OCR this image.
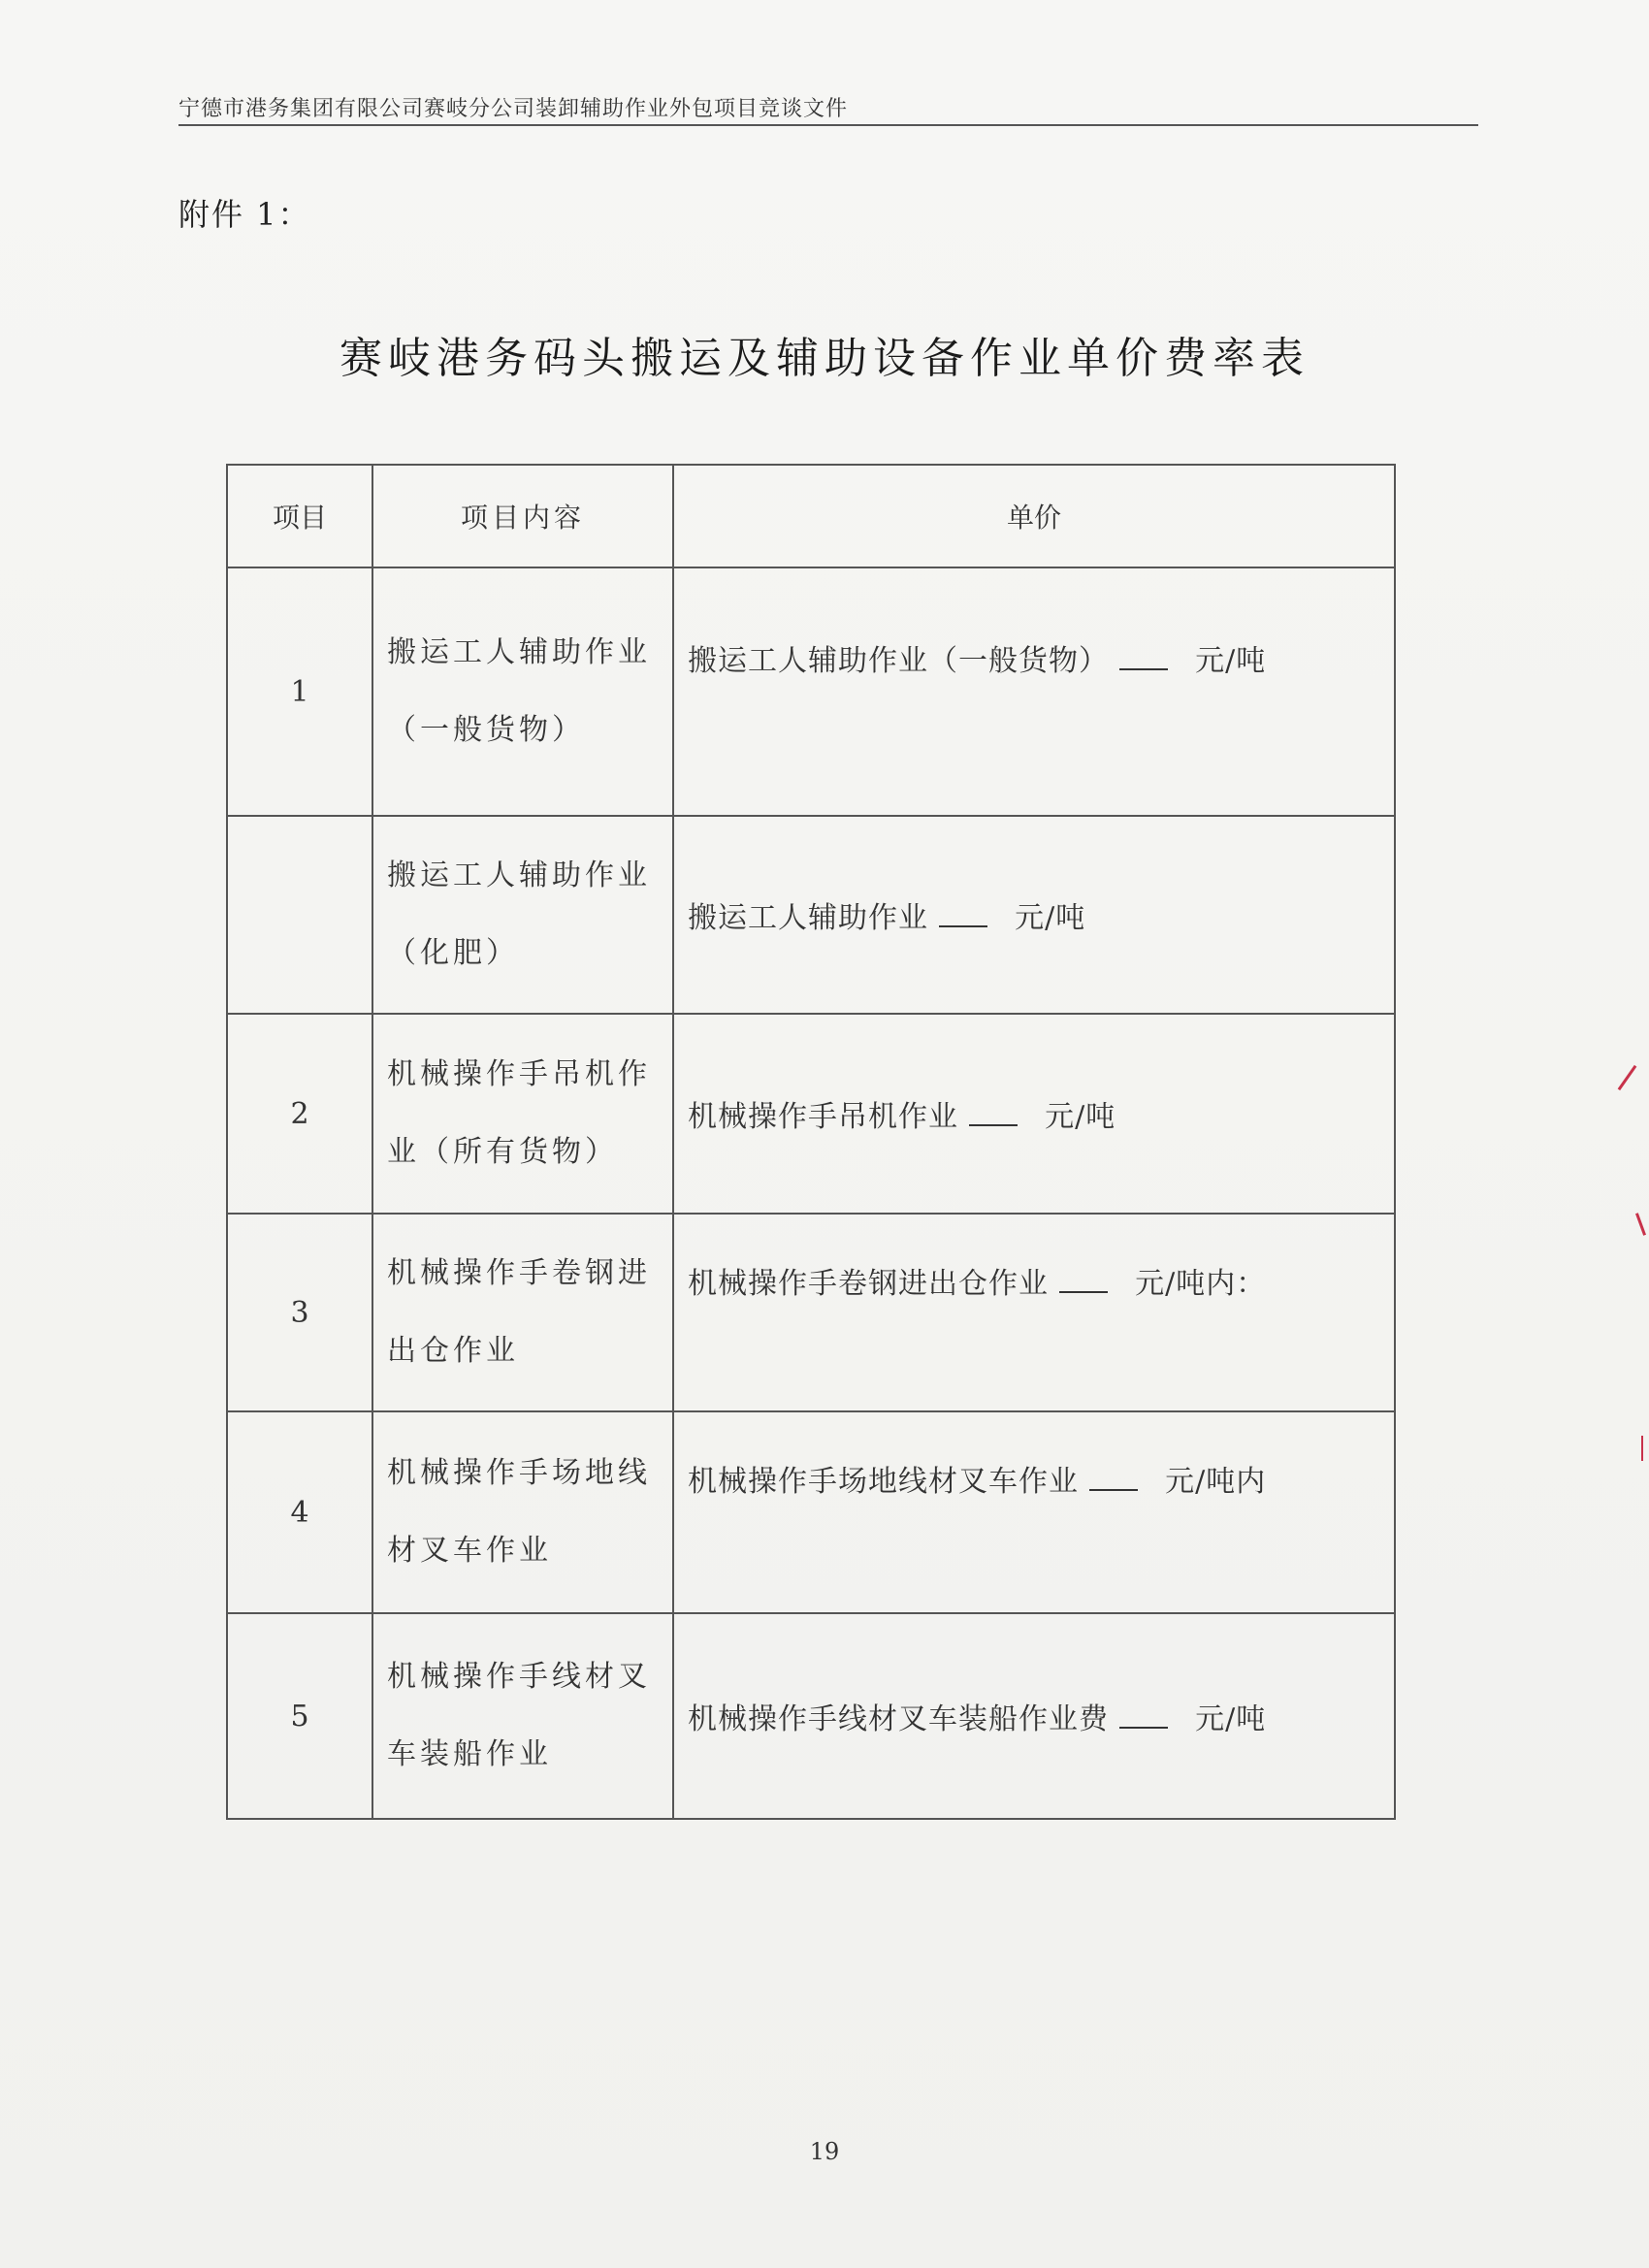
宁德市港务集团有限公司赛岐分公司装卸辅助作业外包项目竞谈文件
附件 1：
赛岐港务码头搬运及辅助设备作业单价费率表
项目	项目内容	单价
1	搬运工人辅助作业（一般货物）	搬运工人辅助作业（一般货物） 元/吨
	搬运工人辅助作业（化肥）	搬运工人辅助作业 元/吨
2	机械操作手吊机作业（所有货物）	机械操作手吊机作业 元/吨
3	机械操作手卷钢进出仓作业	机械操作手卷钢进出仓作业 元/吨内：
4	机械操作手场地线材叉车作业	机械操作手场地线材叉车作业 元/吨内
5	机械操作手线材叉车装船作业	机械操作手线材叉车装船作业费 元/吨
19
